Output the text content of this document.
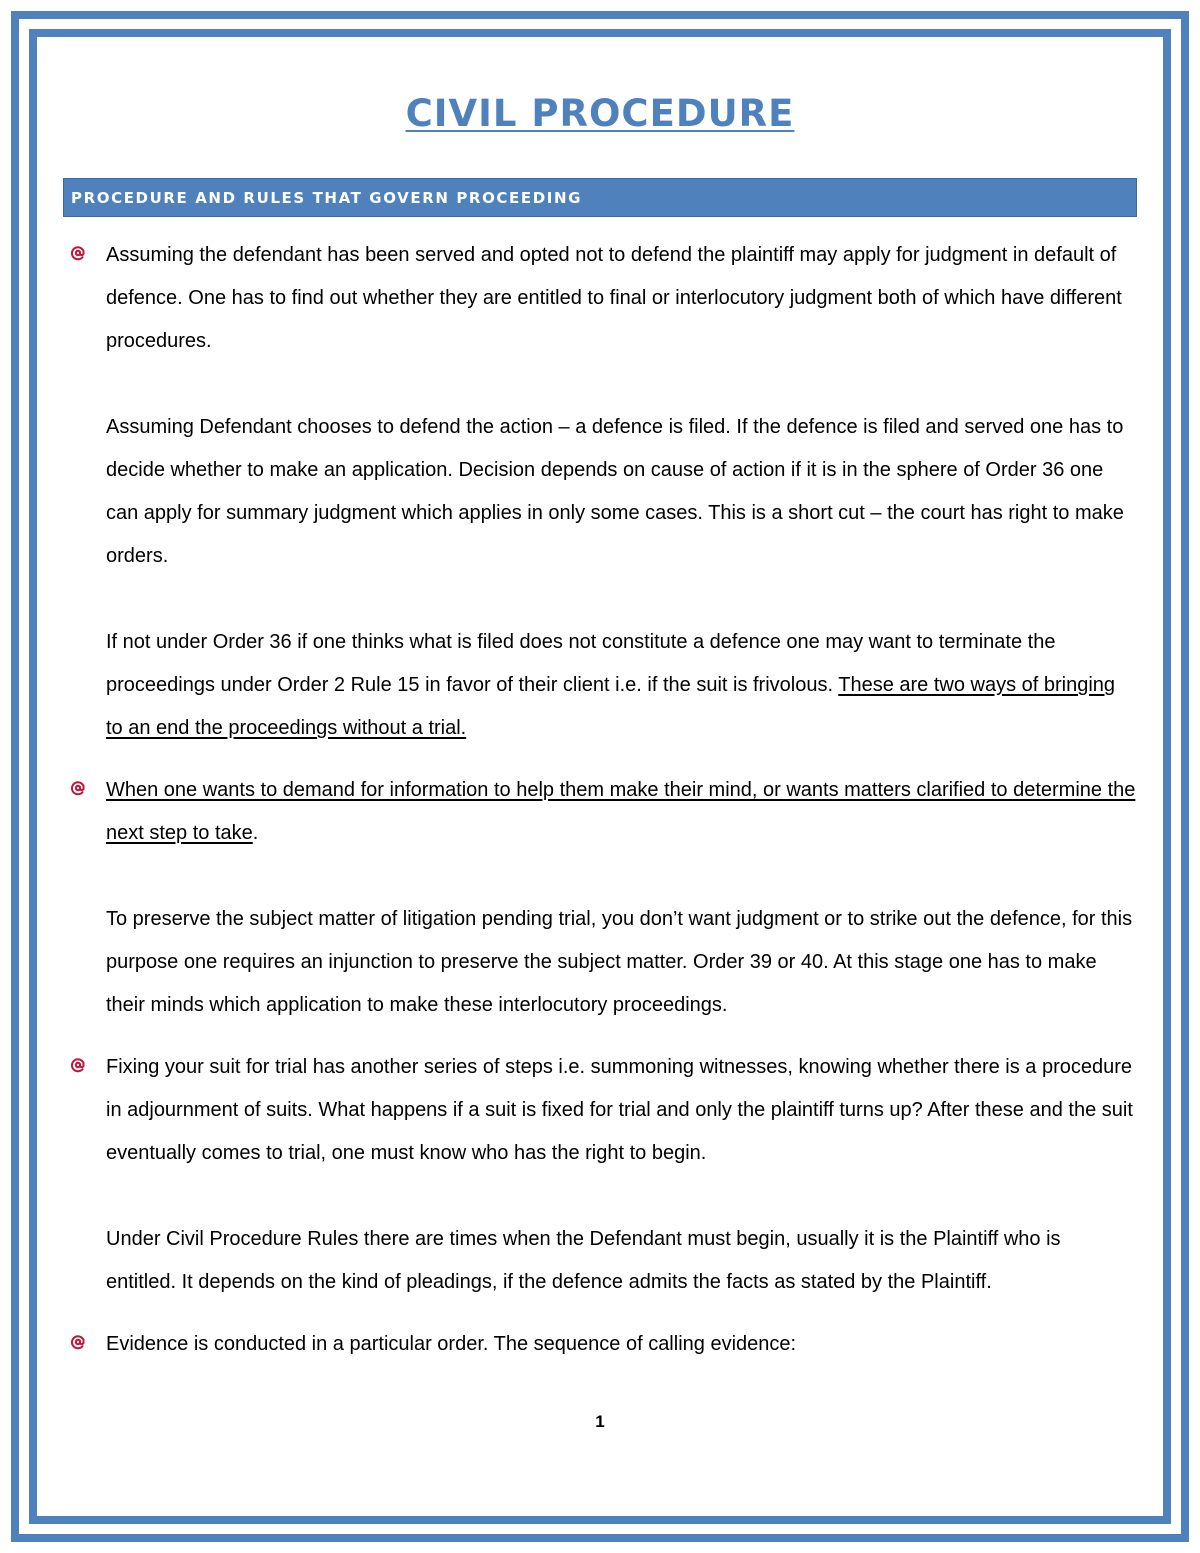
CIVIL PROCEDURE
PROCEDURE AND RULES THAT GOVERN PROCEEDING

Assuming the defendant has been served and opted not to defend the plaintiff may apply for judgment in default of defence. One has to find out whether they are entitled to final or interlocutory judgment both of which have different procedures.

Assuming Defendant chooses to defend the action – a defence is filed. If the defence is filed and served one has to decide whether to make an application. Decision depends on cause of action if it is in the sphere of Order 36 one can apply for summary judgment which applies in only some cases. This is a short cut – the court has right to make orders.

If not under Order 36 if one thinks what is filed does not constitute a defence one may want to terminate the proceedings under Order 2 Rule 15 in favor of their client i.e. if the suit is frivolous. These are two ways of bringing to an end the proceedings without a trial.

When one wants to demand for information to help them make their mind, or wants matters clarified to determine the next step to take.

To preserve the subject matter of litigation pending trial, you don’t want judgment or to strike out the defence, for this purpose one requires an injunction to preserve the subject matter. Order 39 or 40. At this stage one has to make their minds which application to make these interlocutory proceedings.

Fixing your suit for trial has another series of steps i.e. summoning witnesses, knowing whether there is a procedure in adjournment of suits. What happens if a suit is fixed for trial and only the plaintiff turns up? After these and the suit eventually comes to trial, one must know who has the right to begin.

Under Civil Procedure Rules there are times when the Defendant must begin, usually it is the Plaintiff who is entitled. It depends on the kind of pleadings, if the defence admits the facts as stated by the Plaintiff.

Evidence is conducted in a particular order. The sequence of calling evidence:

1
